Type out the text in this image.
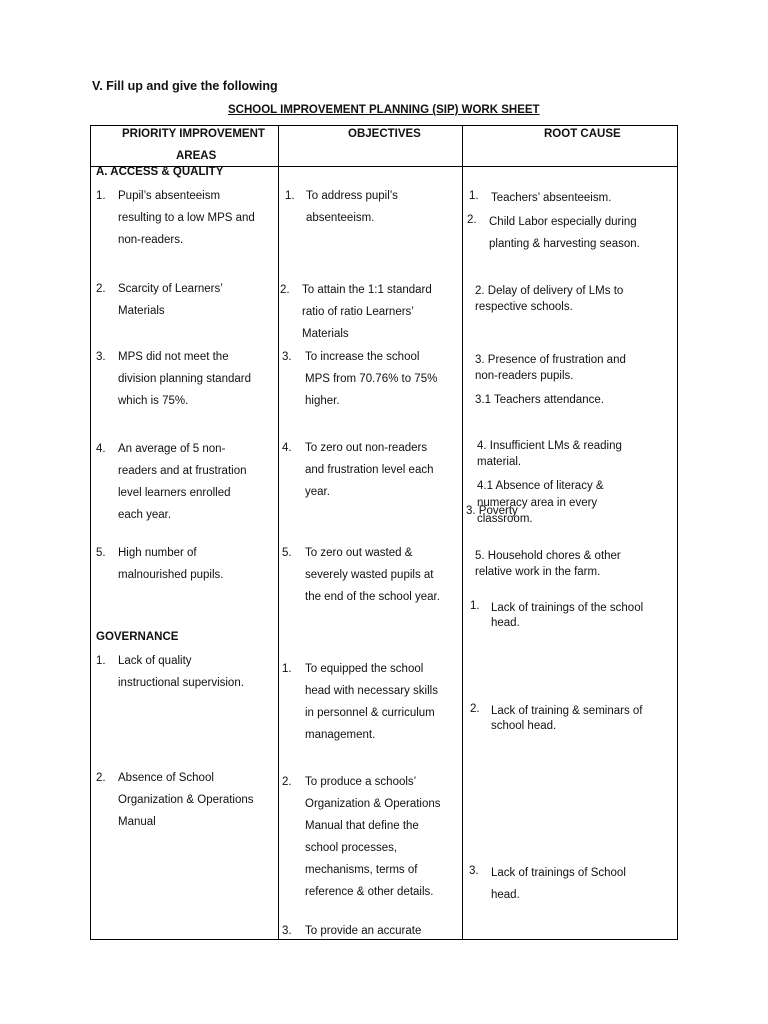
V. Fill up and give the following
SCHOOL IMPROVEMENT PLANNING (SIP) WORK SHEET
PRIORITY IMPROVEMENT
AREAS
OBJECTIVES	ROOT CAUSE
A. ACCESS & QUALITY
GOVERNANCE
1. Pupil’s absenteeism
resulting to a low MPS and
non-readers.
2. Scarcity of Learners’
Materials
3. MPS did not meet the
division planning standard
which is 75%.
4. An average of 5 non-
readers and at frustration
level learners enrolled
each year.
5. High number of
malnourished pupils.
1. Lack of quality
instructional supervision.
2. Absence of School
Organization & Operations
Manual
1. To address pupil’s
absenteeism.
2. To attain the 1:1 standard
ratio of ratio Learners’
Materials
3. To increase the school
MPS from 70.76% to 75%
higher.
4. To zero out non-readers
and frustration level each
year.
5. To zero out wasted &
severely wasted pupils at
the end of the school year.
1. To equipped the school
head with necessary skills
in personnel & curriculum
management.
2. To produce a schools’
Organization & Operations
Manual that define the
school processes,
mechanisms, terms of
reference & other details.
3. To provide an accurate
1. Teachers’ absenteeism.
2. Child Labor especially during
planting & harvesting season.
2. Delay of delivery of LMs to
respective schools.
3. Presence of frustration and
non-readers pupils.
3.1 Teachers attendance.
4. Insufficient LMs & reading
material.
4.1 Absence of literacy &
numeracy area in every
3. Poverty
classroom.
5. Household chores & other
relative work in the farm.
1. Lack of trainings of the school
head.
2. Lack of training & seminars of
school head.
3. Lack of trainings of School
head.
